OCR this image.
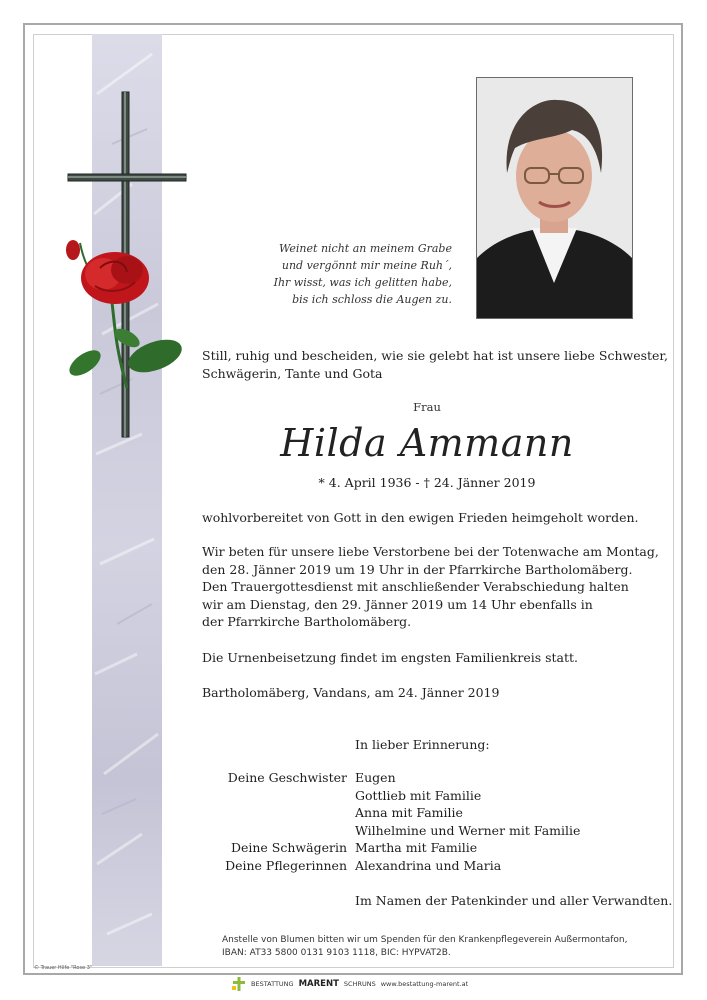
© Trauer Hilfe "Rose 3"
Weinet nicht an meinem Grabe
und vergönnt mir meine Ruh´,
Ihr wisst, was ich gelitten habe,
bis ich schloss die Augen zu.
Still, ruhig und bescheiden, wie sie gelebt hat ist unsere liebe Schwester,
Schwägerin, Tante und Gota
Frau
Hilda Ammann
* 4. April 1936 - † 24. Jänner 2019
wohlvorbereitet von Gott in den ewigen Frieden heimgeholt worden.
Wir beten für unsere liebe Verstorbene bei der Totenwache am Montag,
den 28. Jänner 2019 um 19 Uhr in der Pfarrkirche Bartholomäberg.
Den Trauergottesdienst mit anschließender Verabschiedung halten
wir am Dienstag, den 29. Jänner 2019 um 14 Uhr ebenfalls in
der Pfarrkirche Bartholomäberg.
Die Urnenbeisetzung findet im engsten Familienkreis statt.
Bartholomäberg, Vandans, am 24. Jänner 2019
In lieber Erinnerung:
Deine Geschwister
Deine Schwägerin
Deine Pflegerinnen
Eugen
Gottlieb mit Familie
Anna mit Familie
Wilhelmine und Werner mit Familie
Martha mit Familie
Alexandrina und Maria
Im Namen der Patenkinder und aller Verwandten.
Anstelle von Blumen bitten wir um Spenden für den Krankenpflegeverein Außermontafon,
IBAN: AT33 5800 0131 9103 1118, BIC: HYPVAT2B.
BESTATTUNG MARENT SCHRUNS www.bestattung-marent.at
